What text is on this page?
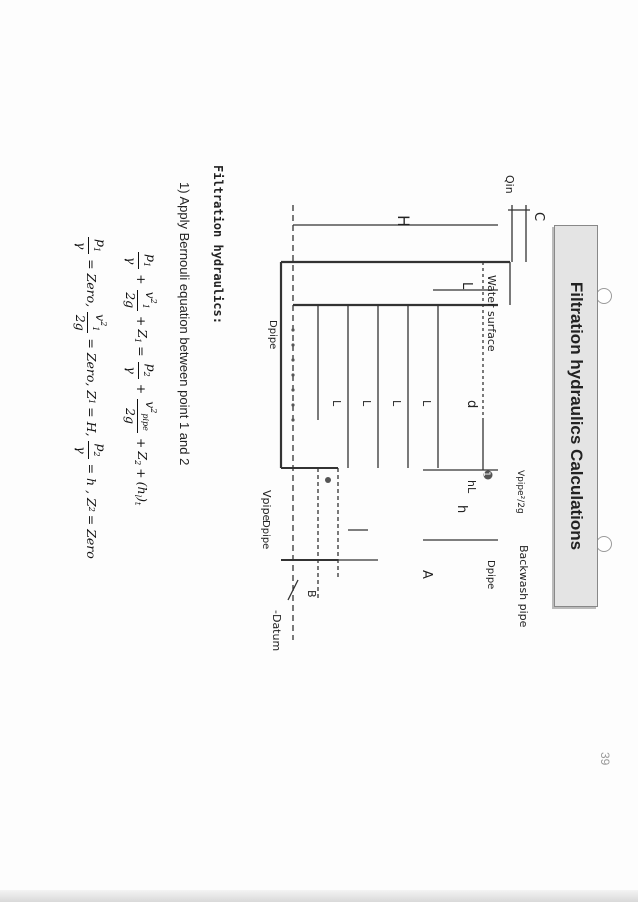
Filtration hydraulics Calculations
C
Qin
H
L Water surface
d
L
L
L
L
1
Dpipe
Vpipe
Dpipe
h
hL	Vpipe²/2g
Backwash pipe
Dpipe
A
B
-Datum
Filtration hydraulics:
1) Apply Bernouli equation between point 1 and 2
$p_1$
γ
+
$v^2_1$
2g
+
$Z_1$
=
$p_2$
γ
+
$v^2_{pipe}$
2g
+
$Z_2$
+
$(h_l)_t$
$p_1$
γ
= Zero,
$v^2_1$
2g
= Zero, Z
1
= H,
$p_2$
γ
= h , Z
2
= Zero
39
